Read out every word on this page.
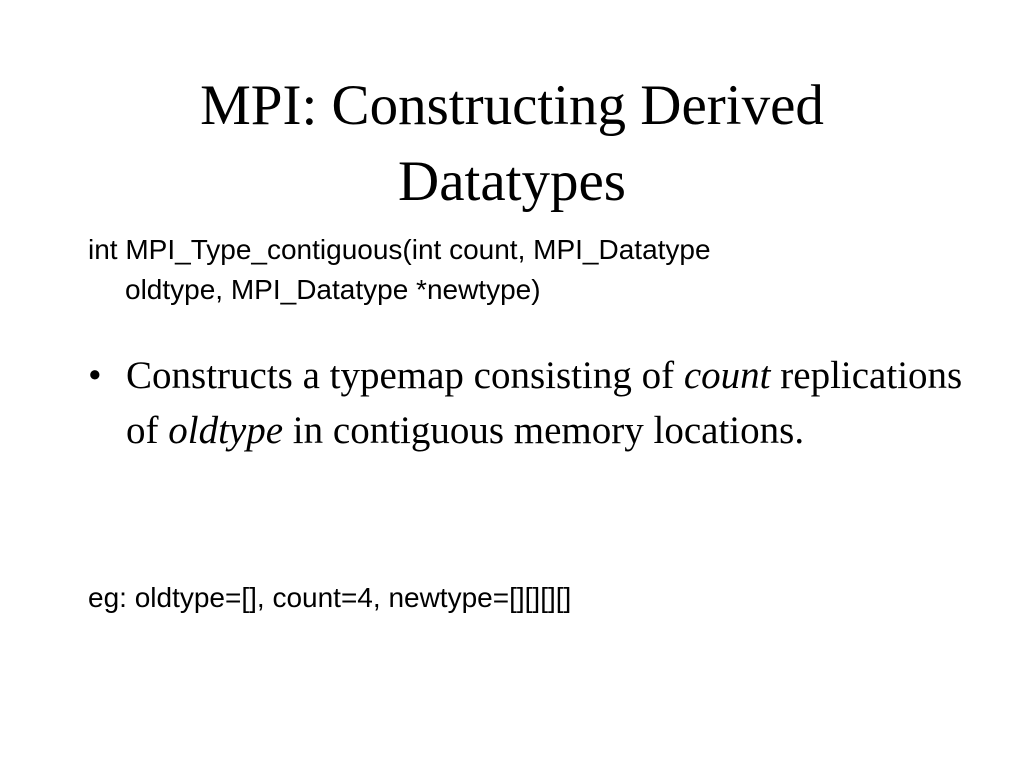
MPI: Constructing Derived
Datatypes

int MPI_Type_contiguous(int count, MPI_Datatype
oldtype, MPI_Datatype *newtype)

• Constructs a typemap consisting of count replications of oldtype in contiguous memory locations.

eg: oldtype=[], count=4, newtype=[][][][]
